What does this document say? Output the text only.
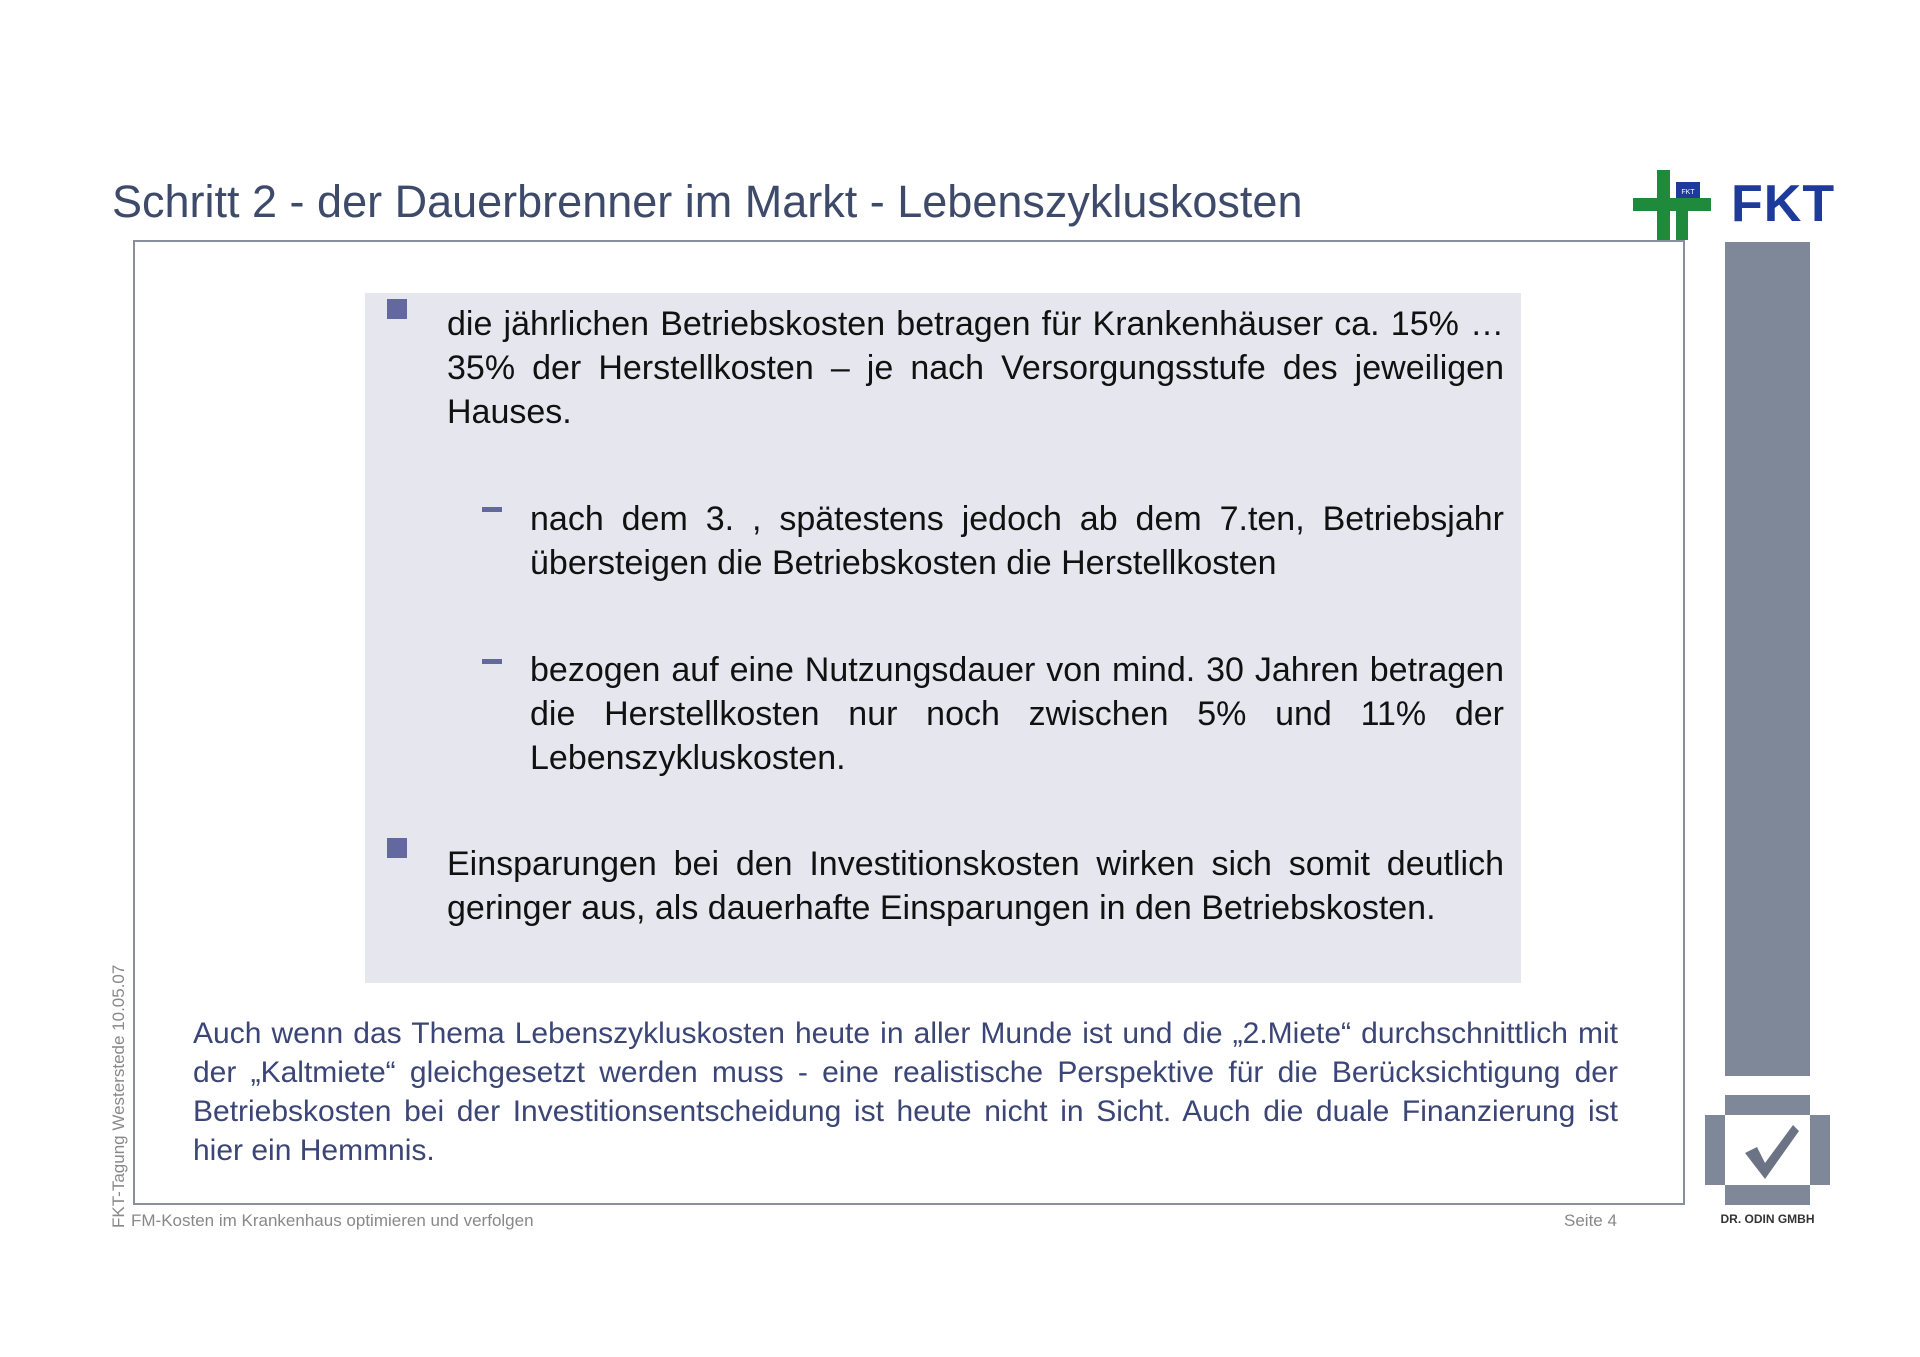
Schritt 2 - der Dauerbrenner im Markt - Lebenszykluskosten	FKT FKT
DR. ODIN GMBH
die jährlichen Betriebskosten betragen für Krankenhäuser ca. 15% … 35% der Herstellkosten – je nach Versorgungsstufe des jeweiligen Hauses.
nach dem 3. , spätestens jedoch ab dem 7.ten, Betriebsjahr übersteigen die Betriebskosten die Herstellkosten
bezogen auf eine Nutzungsdauer von mind. 30 Jahren betragen die Herstellkosten nur noch zwischen 5% und 11% der Lebenszykluskosten.
Einsparungen bei den Investitionskosten wirken sich somit deutlich geringer aus, als dauerhafte Einsparungen in den Betriebskosten.
Auch wenn das Thema Lebenszykluskosten heute in aller Munde ist und die „2.Miete“ durchschnittlich mit der „Kaltmiete“ gleichgesetzt werden muss - eine realistische Perspektive für die Berücksichtigung der Betriebskosten bei der Investitionsentscheidung ist heute nicht in Sicht. Auch die duale Finanzierung ist hier ein Hemmnis.
FM-Kosten im Krankenhaus optimieren und verfolgen	Seite 4
FKT-Tagung Westerstede 10.05.07
